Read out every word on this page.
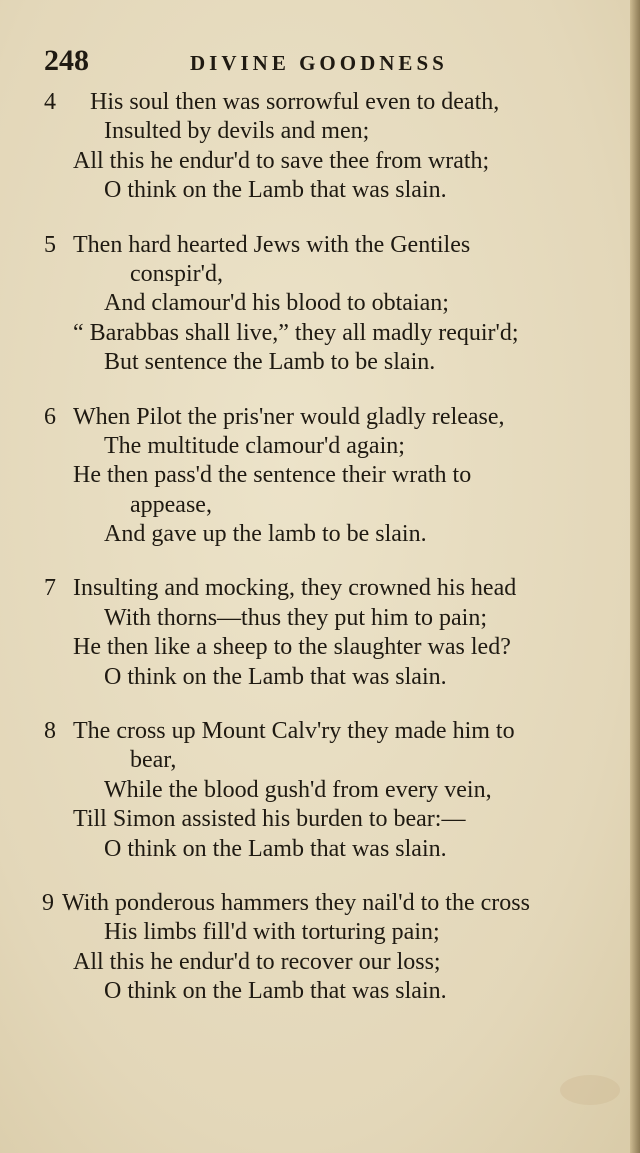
248	DIVINE GOODNESS
4 His soul then was sorrowful even to death,
Insulted by devils and men;
All this he endur'd to save thee from wrath;
O think on the Lamb that was slain.
5 Then hard hearted Jews with the Gentiles
conspir'd,
And clamour'd his blood to obtaian;
“ Barabbas shall live,” they all madly requir'd;
But sentence the Lamb to be slain.
6 When Pilot the pris'ner would gladly release,
The multitude clamour'd again;
He then pass'd the sentence their wrath to
appease,
And gave up the lamb to be slain.
7 Insulting and mocking, they crowned his head
With thorns—thus they put him to pain;
He then like a sheep to the slaughter was led?
O think on the Lamb that was slain.
8 The cross up Mount Calv'ry they made him to
bear,
While the blood gush'd from every vein,
Till Simon assisted his burden to bear:—
O think on the Lamb that was slain.
9 With ponderous hammers they nail'd to the cross
His limbs fill'd with torturing pain;
All this he endur'd to recover our loss;
O think on the Lamb that was slain.
